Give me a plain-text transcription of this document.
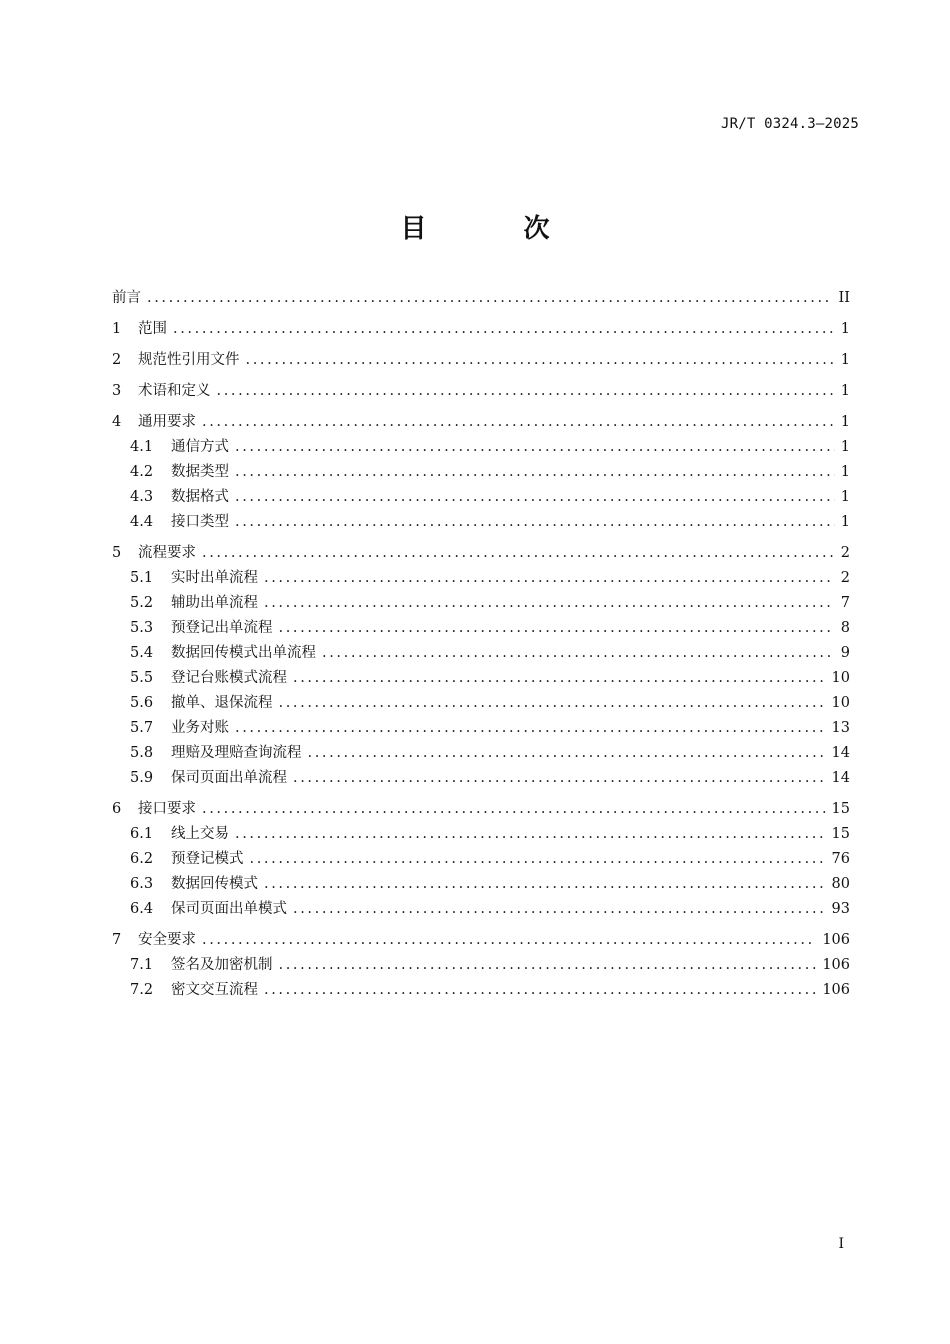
JR/T 0324.3—2025
目 次
前言 .....	II
1	范围 .....	1
2	规范性引用文件 .....	1
3	术语和定义 .....	1
4	通用要求 .....	1
4.1	通信方式 .....	1
4.2	数据类型 .....	1
4.3	数据格式 .....	1
4.4	接口类型 .....	1
5	流程要求 .....	2
5.1	实时出单流程 .....	2
5.2	辅助出单流程 .....	7
5.3	预登记出单流程 .....	8
5.4	数据回传模式出单流程 .....	9
5.5	登记台账模式流程 .....	10
5.6	撤单、退保流程 .....	10
5.7	业务对账 .....	13
5.8	理赔及理赔查询流程 .....	14
5.9	保司页面出单流程 .....	14
6	接口要求 .....	15
6.1	线上交易 .....	15
6.2	预登记模式 .....	76
6.3	数据回传模式 .....	80
6.4	保司页面出单模式 .....	93
7	安全要求 .....	106
7.1	签名及加密机制 .....	106
7.2	密文交互流程 .....	106
I
